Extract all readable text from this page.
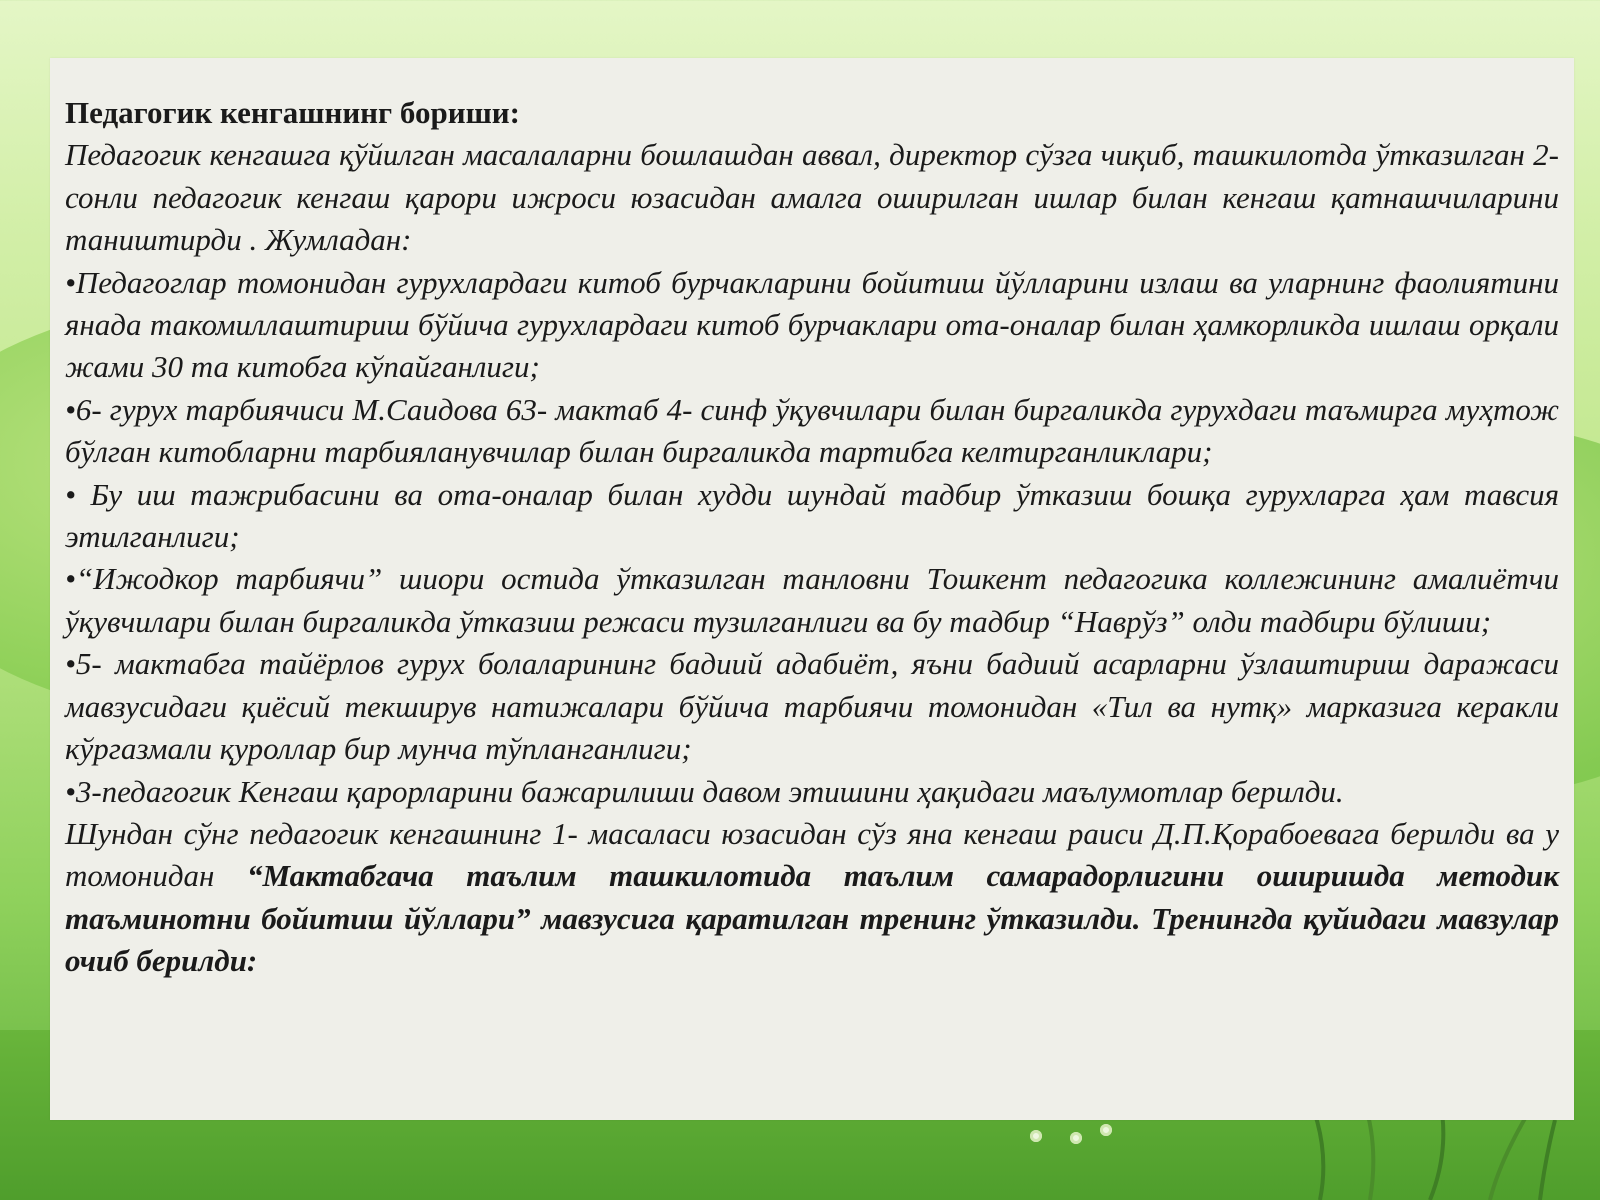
Педагогик кенгашнинг бориши:

Педагогик кенгашга қўйилган масалаларни бошлашдан аввал, директор сўзга чиқиб, ташкилотда ўтказилган 2-сонли педагогик кенгаш қарори ижроси юзасидан амалга оширилган ишлар билан кенгаш қатнашчиларини таништирди . Жумладан:

•Педагоглар томонидан гурухлардаги китоб бурчакларини бойитиш йўлларини излаш ва уларнинг фаолиятини янада такомиллаштириш бўйича гурухлардаги китоб бурчаклари ота-оналар билан ҳамкорликда ишлаш орқали жами 30 та китобга кўпайганлиги;

•6- гурух тарбиячиси М.Саидова 63- мактаб 4- синф ўқувчилари билан биргаликда гурухдаги таъмирга муҳтож бўлган китобларни тарбияланувчилар билан биргаликда тартибга келтирганликлари;

• Бу иш тажрибасини ва ота-оналар билан худди шундай тадбир ўтказиш бошқа гурухларга ҳам тавсия этилганлиги;

•“Ижодкор тарбиячи” шиори остида ўтказилган танловни Тошкент педагогика коллежининг амалиётчи ўқувчилари билан биргаликда ўтказиш режаси тузилганлиги ва бу тадбир “Наврўз” олди тадбири бўлиши;

•5- мактабга тайёрлов гурух болаларининг бадиий адабиёт, яъни бадиий асарларни ўзлаштириш даражаси мавзусидаги қиёсий текширув натижалари бўйича тарбиячи томонидан «Тил ва нутқ» марказига керакли кўргазмали қуроллар бир мунча тўпланганлиги;

•3-педагогик Кенгаш қарорларини бажарилиши давом этишини ҳақидаги маълумотлар берилди.

Шундан сўнг педагогик кенгашнинг 1- масаласи юзасидан сўз яна кенгаш раиси Д.П.Қорабоевага берилди ва у томонидан “Мактабгача таълим ташкилотида таълим самарадорлигини оширишда методик таъминотни бойитиш йўллари” мавзусига қаратилган тренинг ўтказилди. Тренингда қуйидаги мавзулар очиб берилди:
